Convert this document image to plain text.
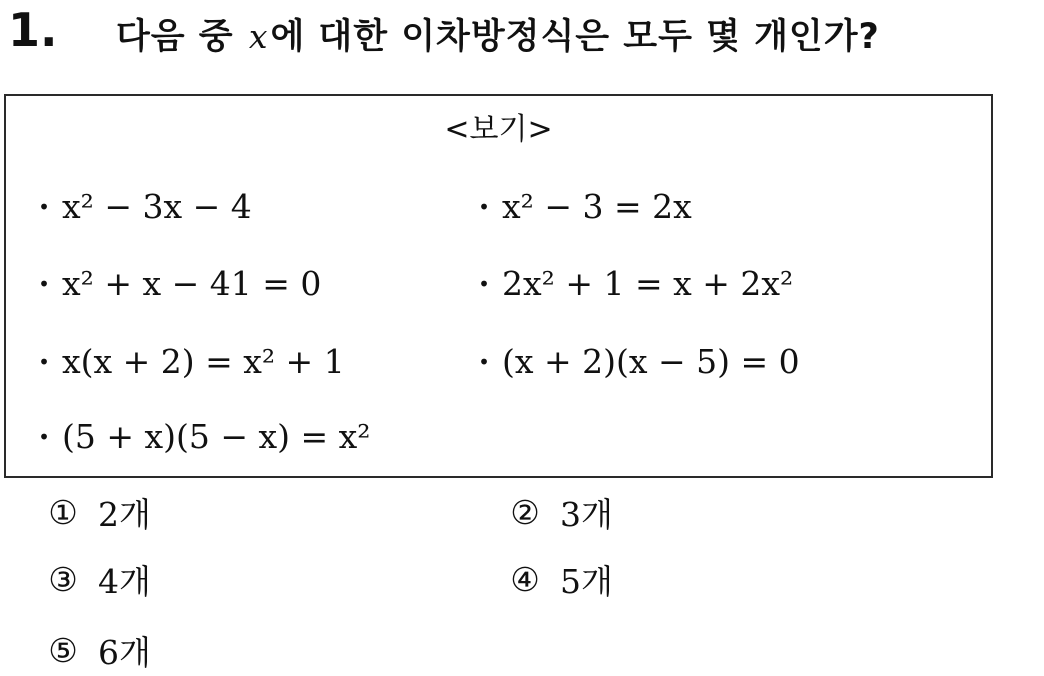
1. 다음 중 x에 대한 이차방정식은 모두 몇 개인가?
<보기>
• x² − 3x − 4	• x² − 3 = 2x
• x² + x − 41 = 0	• 2x² + 1 = x + 2x²
• x(x + 2) = x² + 1	• (x + 2)(x − 5) = 0
• (5 + x)(5 − x) = x²
① 2개	② 3개
③ 4개	④ 5개
⑤ 6개
